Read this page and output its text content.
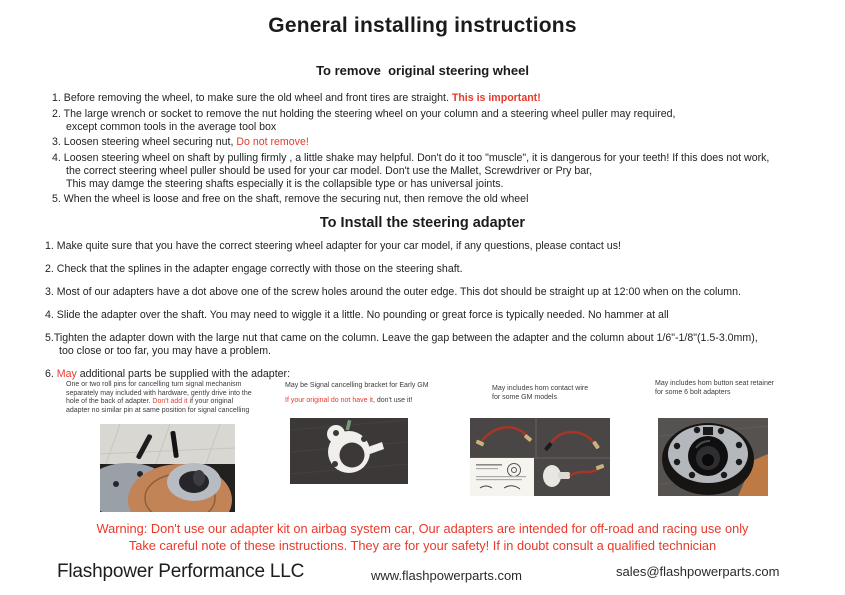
General installing instructions
To remove  original steering wheel
1. Before removing the wheel, to make sure the old wheel and front tires are straight. This is important!
2. The large wrench or socket to remove the nut holding the steering wheel on your column and a steering wheel puller may required,
except common tools in the average tool box
3. Loosen steering wheel securing nut, Do not remove!
4. Loosen steering wheel on shaft by pulling firmly , a little shake may helpful. Don't do it too "muscle", it is dangerous for your teeth! If this does not work,
the correct steering wheel puller should be used for your car model. Don't use the Mallet, Screwdriver or Pry bar,
This may damge the steering shafts especially it is the collapsible type or has universal joints.
5. When the wheel is loose and free on the shaft, remove the securing nut, then remove the old wheel
To Install the steering adapter
1. Make quite sure that you have the correct steering wheel adapter for your car model, if any questions, please contact us!
2. Check that the splines in the adapter engage correctly with those on the steering shaft.
3. Most of our adapters have a dot above one of the screw holes around the outer edge. This dot should be straight up at 12:00 when on the column.
4. Slide the adapter over the shaft. You may need to wiggle it a little. No pounding or great force is typically needed. No hammer at all
5.Tighten the adapter down with the large nut that came on the column. Leave the gap between the adapter and the column about 1/6"-1/8"(1.5-3.0mm),
too close or too far, you may have a problem.
6. May additional parts be supplied with the adapter:
One or two roll pins for cancelling turn signal mechanism
separately may included with hardware, gently drive into the
hole of the back of adapter. Don't add it if your original
adapter no similar pin at same position for signal cancelling
May be Signal cancelling bracket for Early GM
If your original do not have it, don't use it!
May includes horn contact wire
for some GM models
May includes horn button seat retainer
for some 6 bolt adapters
Warning: Don't use our adapter kit on airbag system car, Our adapters are intended for off-road and racing use only
Take careful note of these instructions. They are for your safety! If in doubt consult a qualified technician
Flashpower Performance LLC	www.flashpowerparts.com	sales@flashpowerparts.com
